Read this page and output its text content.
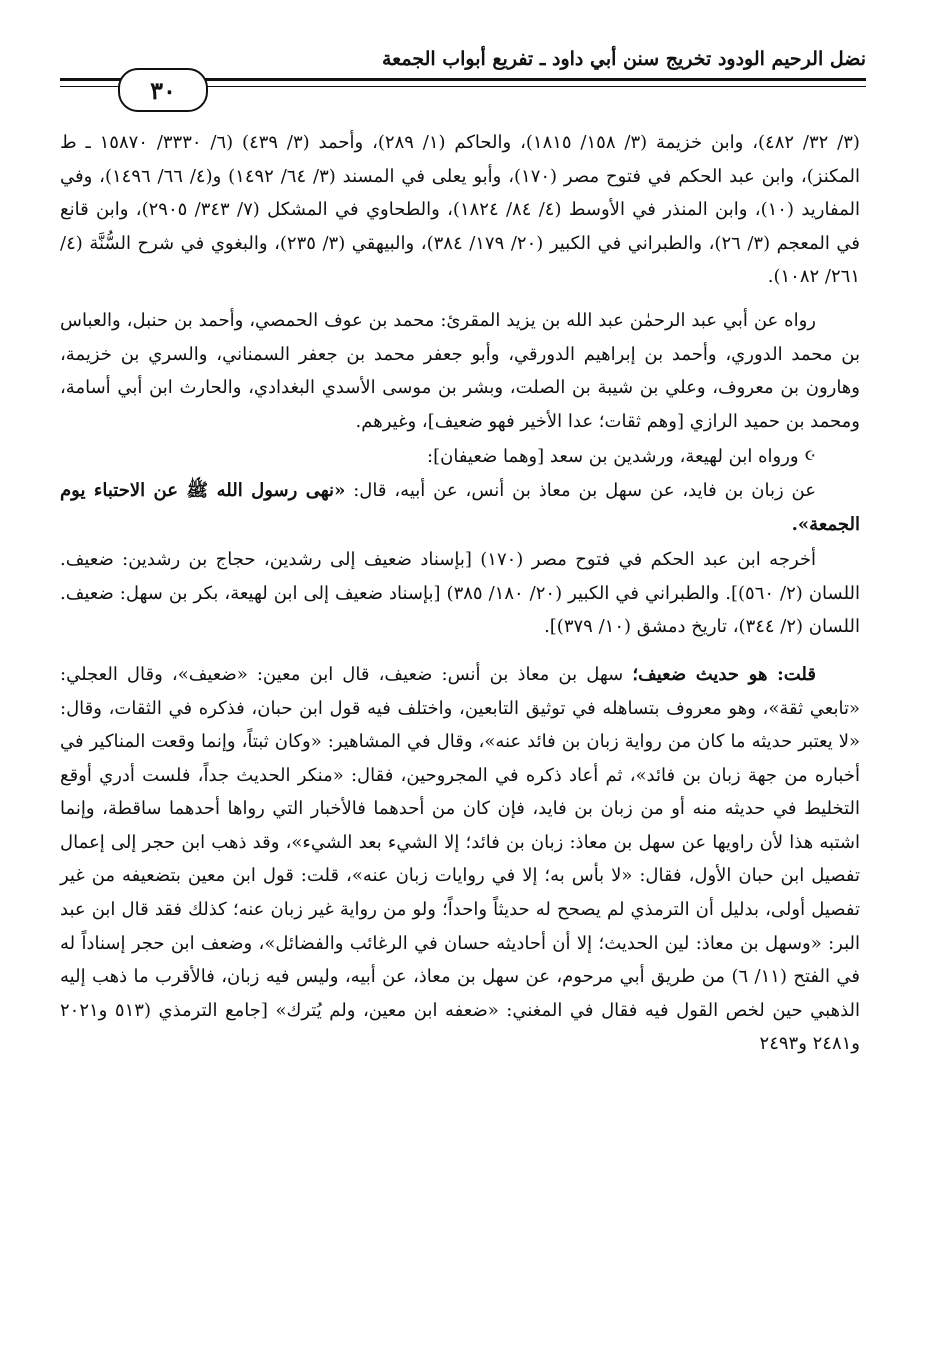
نضل الرحيم الودود تخريج سنن أبي داود ـ تفريع أبواب الجمعة
٣٠

(٣/ ٣٢/ ٤٨٢)، وابن خزيمة (٣/ ١٥٨/ ١٨١٥)، والحاكم (١/ ٢٨٩)، وأحمد (٣/ ٤٣٩) (٦/ ٣٣٣٠/ ١٥٨٧٠ ـ ط المكنز)، وابن عبد الحكم في فتوح مصر (١٧٠)، وأبو يعلى في المسند (٣/ ٦٤/ ١٤٩٢) و(٤/ ٦٦/ ١٤٩٦)، وفي المفاريد (١٠)، وابن المنذر في الأوسط (٤/ ٨٤/ ١٨٢٤)، والطحاوي في المشكل (٧/ ٣٤٣/ ٢٩٠٥)، وابن قانع في المعجم (٣/ ٢٦)، والطبراني في الكبير (٢٠/ ١٧٩/ ٣٨٤)، والبيهقي (٣/ ٢٣٥)، والبغوي في شرح السُّنَّة (٤/ ٢٦١/ ١٠٨٢).

رواه عن أبي عبد الرحمٰن عبد الله بن يزيد المقرئ: محمد بن عوف الحمصي، وأحمد بن حنبل، والعباس بن محمد الدوري، وأحمد بن إبراهيم الدورقي، وأبو جعفر محمد بن جعفر السمناني، والسري بن خزيمة، وهارون بن معروف، وعلي بن شيبة بن الصلت، وبشر بن موسى الأسدي البغدادي، والحارث ابن أبي أسامة، ومحمد بن حميد الرازي [وهم ثقات؛ عدا الأخير فهو ضعيف]، وغيرهم.

☪ ورواه ابن لهيعة، ورشدين بن سعد [وهما ضعيفان]:

عن زبان بن فايد، عن سهل بن معاذ بن أنس، عن أبيه، قال: «نهى رسول الله ﷺ عن الاحتباء يوم الجمعة».

أخرجه ابن عبد الحكم في فتوح مصر (١٧٠) [بإسناد ضعيف إلى رشدين، حجاج بن رشدين: ضعيف. اللسان (٢/ ٥٦٠)]. والطبراني في الكبير (٢٠/ ١٨٠/ ٣٨٥) [بإسناد ضعيف إلى ابن لهيعة، بكر بن سهل: ضعيف. اللسان (٢/ ٣٤٤)، تاريخ دمشق (١٠/ ٣٧٩)].

قلت: هو حديث ضعيف؛ سهل بن معاذ بن أنس: ضعيف، قال ابن معين: «ضعيف»، وقال العجلي: «تابعي ثقة»، وهو معروف بتساهله في توثيق التابعين، واختلف فيه قول ابن حبان، فذكره في الثقات، وقال: «لا يعتبر حديثه ما كان من رواية زبان بن فائد عنه»، وقال في المشاهير: «وكان ثبتاً، وإنما وقعت المناكير في أخباره من جهة زبان بن فائد»، ثم أعاد ذكره في المجروحين، فقال: «منكر الحديث جداً، فلست أدري أوقع التخليط في حديثه منه أو من زبان بن فايد، فإن كان من أحدهما فالأخبار التي رواها أحدهما ساقطة، وإنما اشتبه هذا لأن راويها عن سهل بن معاذ: زبان بن فائد؛ إلا الشيء بعد الشيء»، وقد ذهب ابن حجر إلى إعمال تفصيل ابن حبان الأول، فقال: «لا بأس به؛ إلا في روايات زبان عنه»، قلت: قول ابن معين بتضعيفه من غير تفصيل أولى، بدليل أن الترمذي لم يصحح له حديثاً واحداً؛ ولو من رواية غير زبان عنه؛ كذلك فقد قال ابن عبد البر: «وسهل بن معاذ: لين الحديث؛ إلا أن أحاديثه حسان في الرغائب والفضائل»، وضعف ابن حجر إسناداً له في الفتح (١١/ ٦) من طريق أبي مرحوم، عن سهل بن معاذ، عن أبيه، وليس فيه زبان، فالأقرب ما ذهب إليه الذهبي حين لخص القول فيه فقال في المغني: «ضعفه ابن معين، ولم يُترك» [جامع الترمذي (٥١٣ و٢٠٢١ و٢٤٨١ و٢٤٩٣
